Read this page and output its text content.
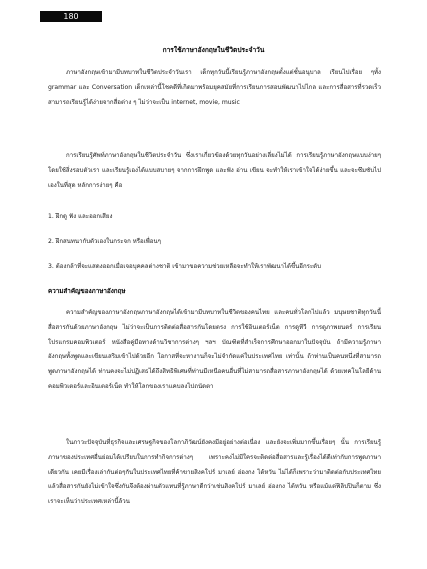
180
การใช้ภาษาอังกฤษในชีวิตประจำวัน

ภาษาอังกฤษเข้ามามีบทบาทในชีวิตประจำวันเรา เด็กทุกวันนี้เรียนรู้ภาษาอังกฤษตั้งแต่ชั้นอนุบาล เรียนไปเรื่อย ๆทั้ง grammar และ Conversation เด็กเหล่านี้โชคดีที่เกิดมาพร้อมยุคสมัยที่การเรียนการสอนพัฒนาไปไกล และการสื่อสารที่รวดเร็ว สามารถเรียนรู้ได้ง่ายจากสื่อต่าง ๆ ไม่ว่าจะเป็น internet, movie, music

การเรียนรู้ศัพท์ภาษาอังกฤษในชีวิตประจำวัน ซึ่งเราเกี่ยวข้องด้วยทุกวันอย่างเลี่ยงไม่ได้ การเรียนรู้ภาษาอังกฤษแบบง่ายๆ โดยใช้สิ่งรอบตัวเรา และเรียนรู้เองได้แบบสบายๆ จากการฝึกพูด และฟัง อ่าน เขียน จะทำให้เราเข้าใจได้ง่ายขึ้น และจะซึมซับไปเองในที่สุด หลักการง่ายๆ คือ

1. ฝึกดู ฟัง และออกเสียง

2. ฝึกสนทนากับตัวเองในกระจก หรือเพื่อนๆ

3. ต้องกล้าที่จะแสดงออกเมื่อเจอบุคคลต่างชาติ เข้ามาขอความช่วยเหลือจะทำให้เราพัฒนาได้ขึ้นอีกระดับ

ความสำคัญของภาษาอังกฤษ

ความสำคัญของภาษาอังกฤษภาษาอังกฤษได้เข้ามามีบทบาทในชีวิตของคนไทย และคนทั่วโลกไปแล้ว มนุษยชาติทุกวันนี้สื่อสารกันด้วยภาษาอังกฤษ ไม่ว่าจะเป็นการติดต่อสื่อสารกันโดยตรง การใช้อินเตอร์เน็ต การดูทีวี การดูภาพยนตร์ การเรียนโปรแกรมคอมพิวเตอร์ หนังสือคู่มือทางด้านวิชาการต่างๆ ฯลฯ บัณฑิตที่สำเร็จการศึกษาออกมาในปัจจุบัน ถ้ามีความรู้ภาษาอังกฤษทั้งพูดและเขียนเสริมเข้าไปด้วยอีก โอกาสที่จะหางานก็จะไม่จำกัดแค่ในประเทศไทย เท่านั้น ถ้าท่านเป็นคนหนึ่งที่สามารถพูดภาษาอังกฤษได้ ท่านคงจะไม่ปฏิเสธได้ถึงสิทธิพิเศษที่ท่านมีเหนือคนอื่นที่ไม่สามารถสื่อสารภาษาอังกฤษได้ ด้วยเทคโนโลยีด้านคอมพิวเตอร์และอินเตอร์เน็ต ทำให้โลกของเราแคบลงไปถนัดตา

ในภาวะปัจจุบันที่ธุรกิจและเศรษฐกิจของโลกาภิวัฒน์ยังคงมีอยู่อย่างต่อเนื่อง และยังจะเพิ่มมากขึ้นเรื่อยๆ นั้น การเรียนรู้ภาษาของประเทศอื่นย่อมได้เปรียบในการทำกิจการต่างๆ เพราะคงไม่มีใครจะติดต่อสื่อสารและรู้เรื่องได้ดีเท่ากับการพูดภาษาเดียวกัน เคยมีเรื่องเล่ากันต่อๆกันในประเทศไทยที่ค้าขายสิงคโปร์ มาเลย์ ฮ่องกง ไต้หวัน ไม่ได้ก็เพราะว่ามาติดต่อกับประเทศไทยแล้วสื่อสารกันยังไม่เข้าใจซึ่งกันจึงต้องผ่านตัวแทนที่รู้ภาษาดีกว่าเช่นสิงคโปร์ มาเลย์ ฮ่องกง ไต้หวัน หรือแม้แต่ฟิลิปปินก็ตาม ซึ่งเราจะเห็นว่าประเทศเหล่านี้ล้วน
